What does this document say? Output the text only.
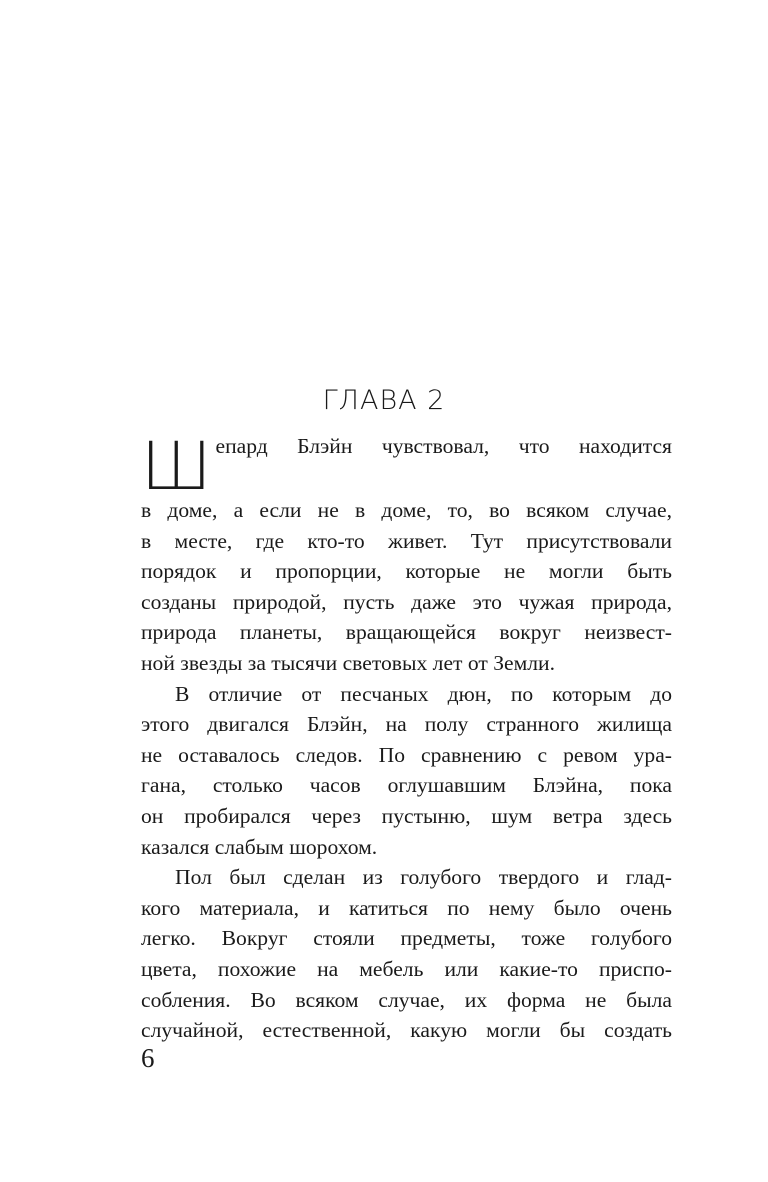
ГЛАВА 2
Ш епард Блэйн чувствовал, что находится
в доме, а если не в доме, то, во всяком случае,
в месте, где кто-то живет. Тут присутствовали
порядок и пропорции, которые не могли быть
созданы природой, пусть даже это чужая природа,
природа планеты, вращающейся вокруг неизвест-
ной звезды за тысячи световых лет от Земли.
В отличие от песчаных дюн, по которым до
этого двигался Блэйн, на полу странного жилища
не оставалось следов. По сравнению с ревом ура-
гана, столько часов оглушавшим Блэйна, пока
он пробирался через пустыню, шум ветра здесь
казался слабым шорохом.
Пол был сделан из голубого твердого и глад-
кого материала, и катиться по нему было очень
легко. Вокруг стояли предметы, тоже голубого
цвета, похожие на мебель или какие-то приспо-
собления. Во всяком случае, их форма не была
случайной, естественной, какую могли бы создать

6
